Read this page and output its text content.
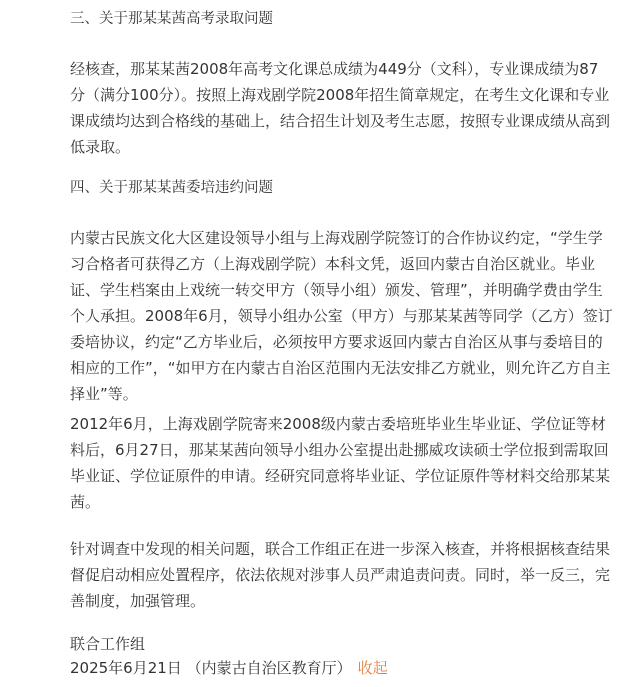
三、关于那某某茜高考录取问题
经核查，那某某茜2008年高考文化课总成绩为449分（文科），专业课成绩为87
分（满分100分）。按照上海戏剧学院2008年招生简章规定，在考生文化课和专业
课成绩均达到合格线的基础上，结合招生计划及考生志愿，按照专业课成绩从高到
低录取。
四、关于那某某茜委培违约问题
内蒙古民族文化大区建设领导小组与上海戏剧学院签订的合作协议约定，“学生学
习合格者可获得乙方（上海戏剧学院）本科文凭，返回内蒙古自治区就业。毕业
证、学生档案由上戏统一转交甲方（领导小组）颁发、管理”，并明确学费由学生
个人承担。2008年6月，领导小组办公室（甲方）与那某某茜等同学（乙方）签订
委培协议，约定“乙方毕业后，必须按甲方要求返回内蒙古自治区从事与委培目的
相应的工作”，“如甲方在内蒙古自治区范围内无法安排乙方就业，则允许乙方自主
择业”等。
2012年6月，上海戏剧学院寄来2008级内蒙古委培班毕业生毕业证、学位证等材
料后，6月27日，那某某茜向领导小组办公室提出赴挪威攻读硕士学位报到需取回
毕业证、学位证原件的申请。经研究同意将毕业证、学位证原件等材料交给那某某
茜。
针对调查中发现的相关问题，联合工作组正在进一步深入核查，并将根据核查结果
督促启动相应处置程序，依法依规对涉事人员严肃追责问责。同时，举一反三，完
善制度，加强管理。
联合工作组
2025年6月21日 （内蒙古自治区教育厅） 收起
